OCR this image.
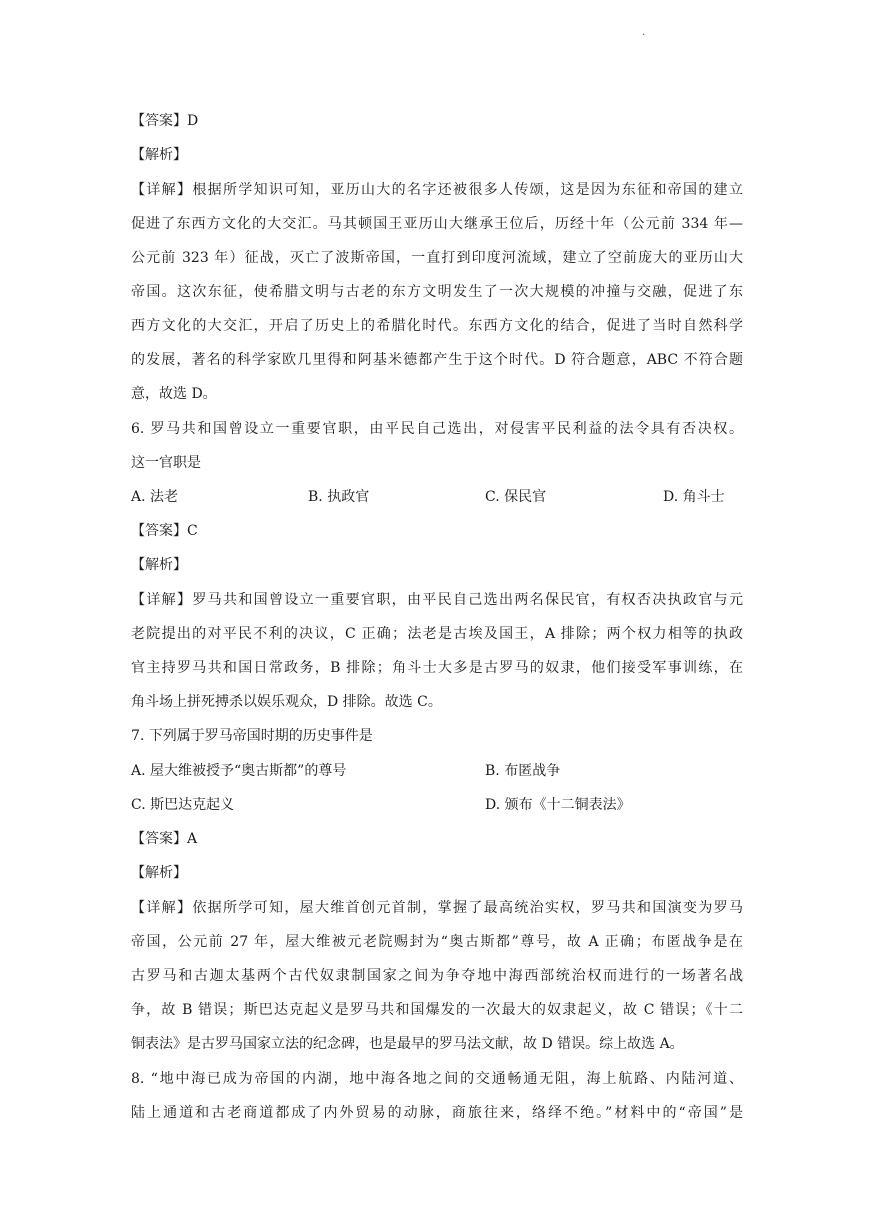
·
【答案】D
【解析】
【详解】根据所学知识可知，亚历山大的名字还被很多人传颂，这是因为东征和帝国的建立
促进了东西方文化的大交汇。马其顿国王亚历山大继承王位后，历经十年（公元前 334 年—
公元前 323 年）征战，灭亡了波斯帝国，一直打到印度河流域，建立了空前庞大的亚历山大
帝国。这次东征，使希腊文明与古老的东方文明发生了一次大规模的冲撞与交融，促进了东
西方文化的大交汇，开启了历史上的希腊化时代。东西方文化的结合，促进了当时自然科学
的发展，著名的科学家欧几里得和阿基米德都产生于这个时代。D 符合题意，ABC 不符合题
意，故选 D。
6. 罗马共和国曾设立一重要官职，由平民自己选出，对侵害平民利益的法令具有否决权。
这一官职是
A. 法老	B. 执政官	C. 保民官	D. 角斗士
【答案】C
【解析】
【详解】罗马共和国曾设立一重要官职，由平民自己选出两名保民官，有权否决执政官与元
老院提出的对平民不利的决议，C 正确；法老是古埃及国王，A 排除；两个权力相等的执政
官主持罗马共和国日常政务，B 排除；角斗士大多是古罗马的奴隶，他们接受军事训练，在
角斗场上拼死搏杀以娱乐观众，D 排除。故选 C。
7. 下列属于罗马帝国时期的历史事件是
A. 屋大维被授予“奥古斯都”的尊号	B. 布匿战争
C. 斯巴达克起义	D. 颁布《十二铜表法》
【答案】A
【解析】
【详解】依据所学可知，屋大维首创元首制，掌握了最高统治实权，罗马共和国演变为罗马
帝国，公元前 27 年，屋大维被元老院赐封为“奥古斯都”尊号，故 A 正确；布匿战争是在
古罗马和古迦太基两个古代奴隶制国家之间为争夺地中海西部统治权而进行的一场著名战
争，故 B 错误；斯巴达克起义是罗马共和国爆发的一次最大的奴隶起义，故 C 错误；《十二
铜表法》是古罗马国家立法的纪念碑，也是最早的罗马法文献，故 D 错误。综上故选 A。
8. “地中海已成为帝国的内湖，地中海各地之间的交通畅通无阻，海上航路、内陆河道、
陆上通道和古老商道都成了内外贸易的动脉，商旅往来，络绎不绝。”材料中的“帝国”是
